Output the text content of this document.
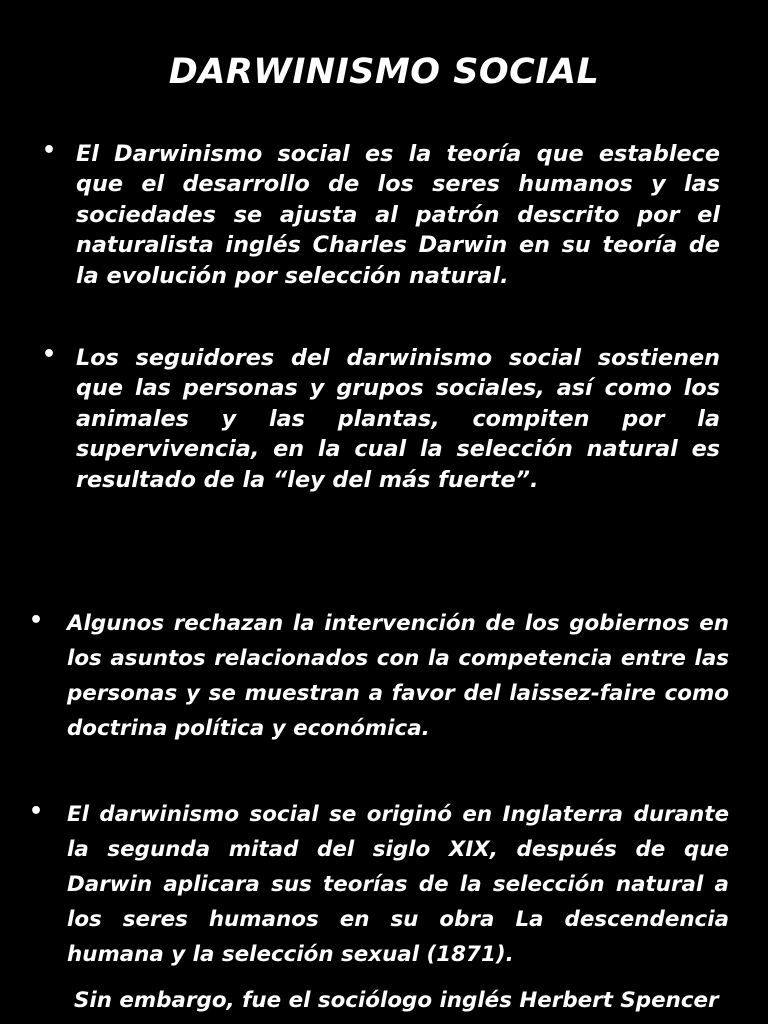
DARWINISMO SOCIAL

• El Darwinismo social es la teoría que establece que el desarrollo de los seres humanos y las sociedades se ajusta al patrón descrito por el naturalista inglés Charles Darwin en su teoría de la evolución por selección natural.

• Los seguidores del darwinismo social sostienen que las personas y grupos sociales, así como los animales y las plantas, compiten por la supervivencia, en la cual la selección natural es resultado de la “ley del más fuerte”.

• Algunos rechazan la intervención de los gobiernos en los asuntos relacionados con la competencia entre las personas y se muestran a favor del laissez-faire como doctrina política y económica.

• El darwinismo social se originó en Inglaterra durante la segunda mitad del siglo XIX, después de que Darwin aplicara sus teorías de la selección natural a los seres humanos en su obra La descendencia humana y la selección sexual (1871).

Sin embargo, fue el sociólogo inglés Herbert Spencer
